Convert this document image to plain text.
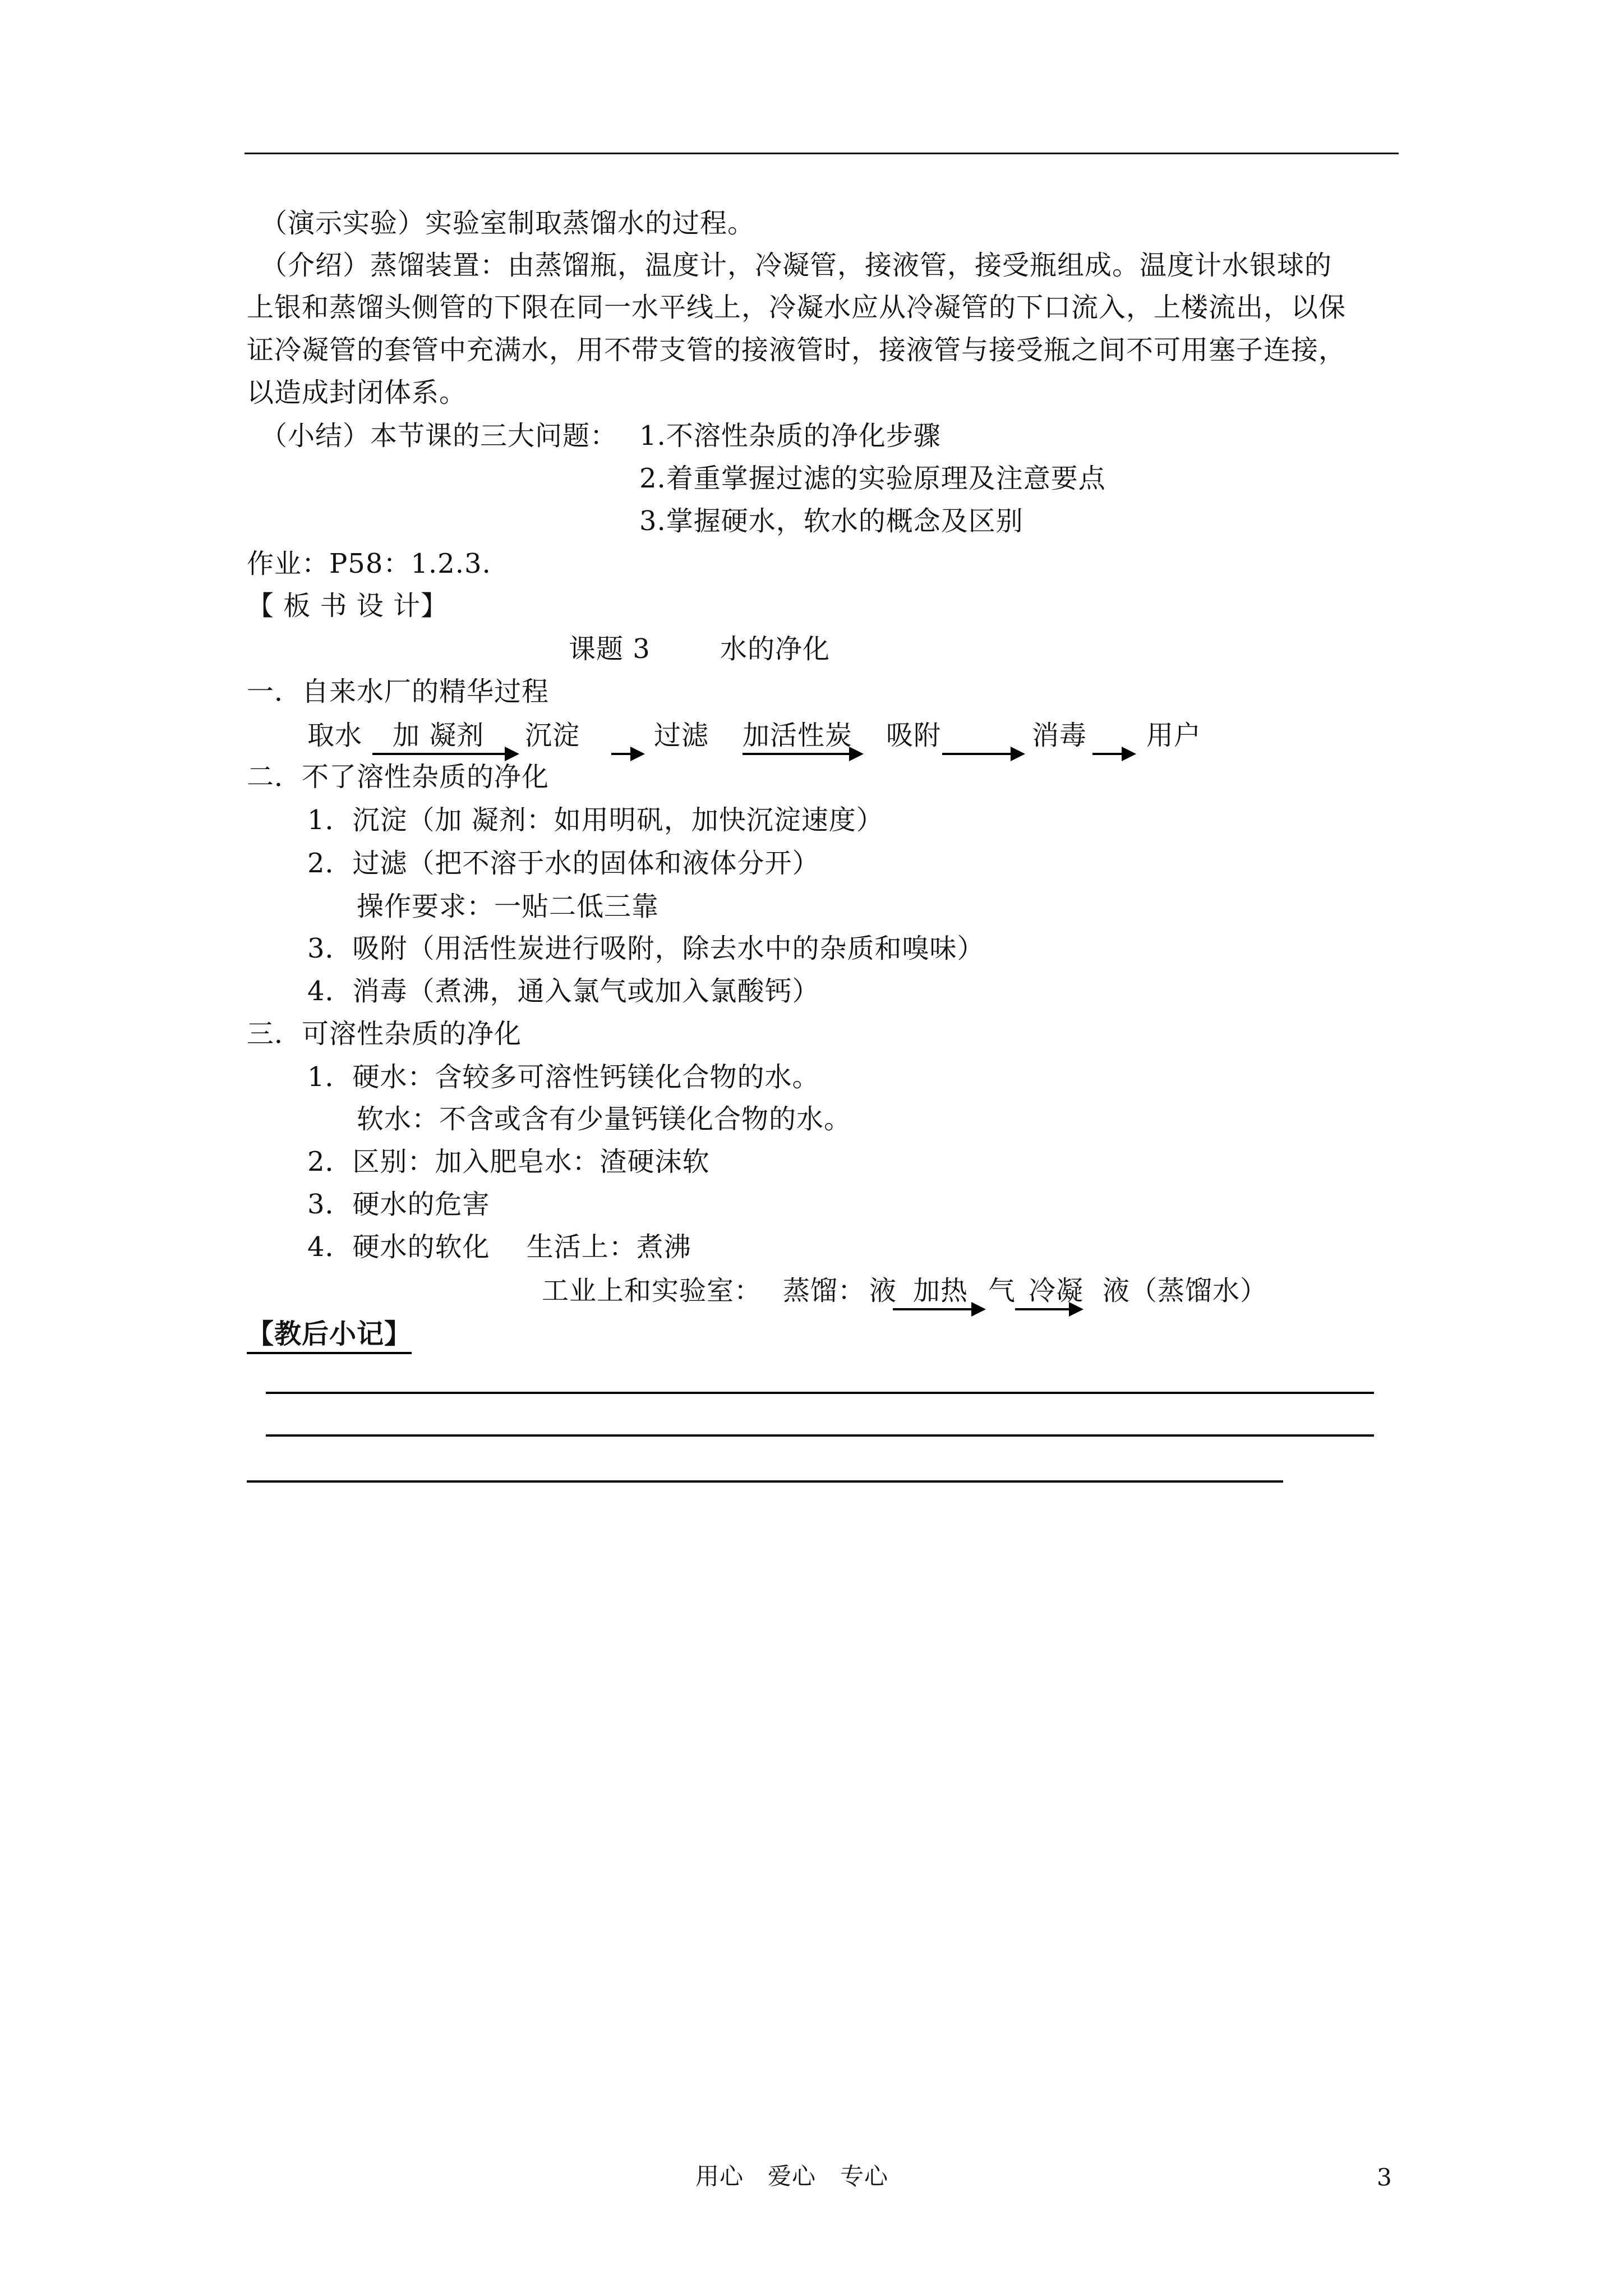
（演示实验）实验室制取蒸馏水的过程。
（介绍）蒸馏装置：由蒸馏瓶，温度计，冷凝管，接液管，接受瓶组成。温度计水银球的
上银和蒸馏头侧管的下限在同一水平线上，冷凝水应从冷凝管的下口流入，上楼流出，以保
证冷凝管的套管中充满水，用不带支管的接液管时，接液管与接受瓶之间不可用塞子连接，
以造成封闭体系。
（小结）本节课的三大问题： 1.不溶性杂质的净化步骤
2.着重掌握过滤的实验原理及注意要点
3.掌握硬水，软水的概念及区别
作业：P58：1.2.3.
【 板 书 设 计】
课题 3	水的净化
一．自来水厂的精华过程
取水 加 凝剂 沉淀	过滤 加活性炭 吸附	消毒 用户
二．不了溶性杂质的净化
1．沉淀（加 凝剂：如用明矾，加快沉淀速度）
2．过滤（把不溶于水的固体和液体分开）
操作要求：一贴二低三靠
3．吸附（用活性炭进行吸附，除去水中的杂质和嗅味）
4．消毒（煮沸，通入氯气或加入氯酸钙）
三．可溶性杂质的净化
1．硬水：含较多可溶性钙镁化合物的水。
软水：不含或含有少量钙镁化合物的水。
2．区别：加入肥皂水：渣硬沫软
3．硬水的危害
4．硬水的软化　 生活上：煮沸
工业上和实验室： 蒸馏： 液 加热 气 冷凝 液（蒸馏水）
【教后小记】
用心　爱心　专心	3
